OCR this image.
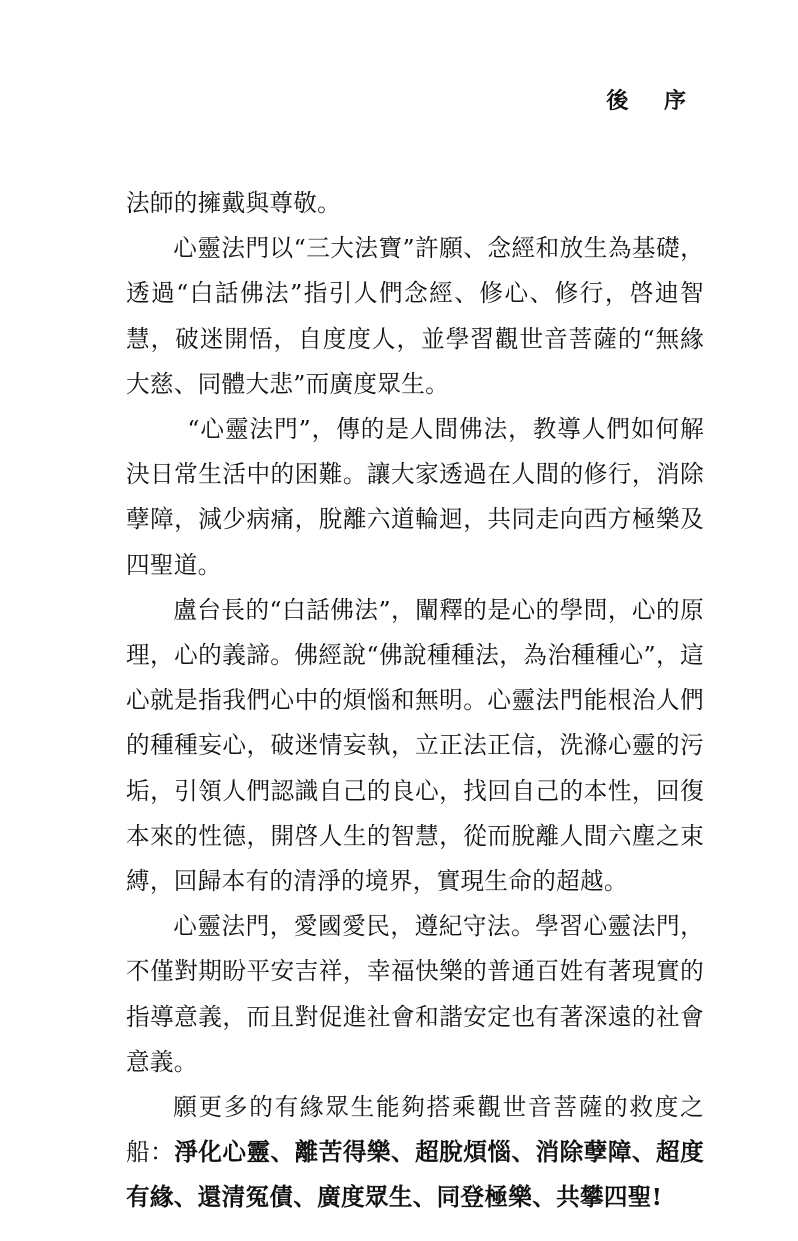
後 序

法師的擁戴與尊敬。

心靈法門以“三大法寶”許願、念經和放生為基礎，透過“白話佛法”指引人們念經、修心、修行，啓迪智慧，破迷開悟，自度度人，並學習觀世音菩薩的“無緣大慈、同體大悲”而廣度眾生。

“心靈法門”，傳的是人間佛法，教導人們如何解決日常生活中的困難。讓大家透過在人間的修行，消除孽障，減少病痛，脫離六道輪迴，共同走向西方極樂及四聖道。

盧台長的“白話佛法”，闡釋的是心的學問，心的原理，心的義諦。佛經說“佛說種種法，為治種種心”，這心就是指我們心中的煩惱和無明。心靈法門能根治人們的種種妄心，破迷情妄執，立正法正信，洗滌心靈的污垢，引領人們認識自己的良心，找回自己的本性，回復本來的性德，開啓人生的智慧，從而脫離人間六塵之束縛，回歸本有的清淨的境界，實現生命的超越。

心靈法門，愛國愛民，遵紀守法。學習心靈法門，不僅對期盼平安吉祥，幸福快樂的普通百姓有著現實的指導意義，而且對促進社會和諧安定也有著深遠的社會意義。

願更多的有緣眾生能夠搭乘觀世音菩薩的救度之船：淨化心靈、離苦得樂、超脫煩惱、消除孽障、超度有緣、還清冤債、廣度眾生、同登極樂、共攀四聖!
